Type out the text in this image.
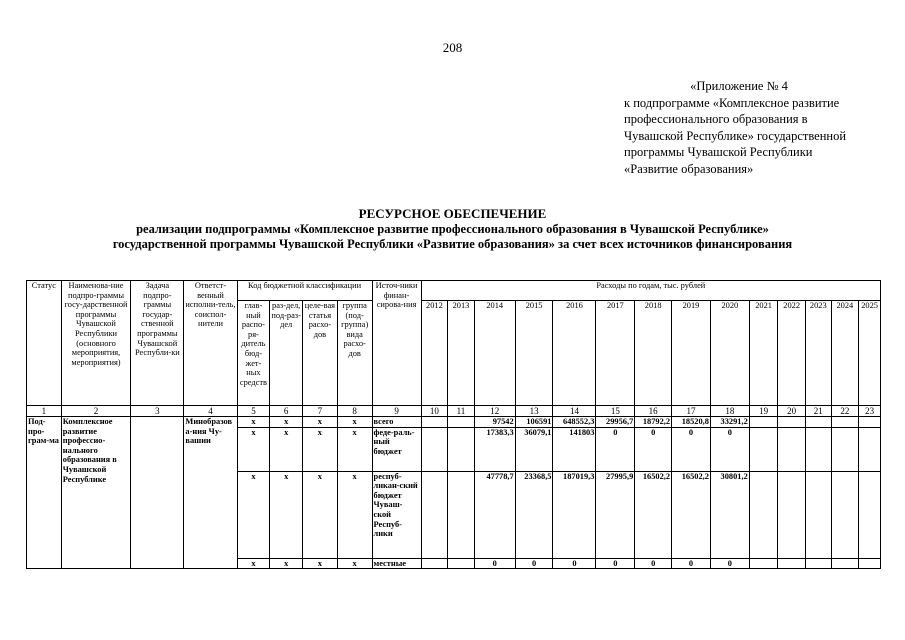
208
«Приложение № 4
к подпрограмме «Комплексное развитие профессионального образования в Чувашской Республике» государственной программы Чувашской Республики «Развитие образования»
РЕСУРСНОЕ ОБЕСПЕЧЕНИЕ
реализации подпрограммы «Комплексное развитие профессионального образования в Чувашской Республике»
государственной программы Чувашской Республики «Развитие образования» за счет всех источников финансирования
Статус	Наименова-ние подпро-граммы госу-дарственной программы Чувашской Республики (основного мероприятия, мероприятия)	Задача подпро-граммы государ-ственной программы Чувашской Республи-ки	Ответст-венный исполни-тель, соиспол-нители	Код бюджетной классификации				Источ-ники финан-сирова-ния	Расходы по годам, тыс. рублей													
				глав-ный распо-ря-дитель бюд-жет-ных средств	раз-дел, под-раз-дел	целе-вая статья расхо-дов	группа (под-группа) вида расхо-дов		2012	2013	2014	2015	2016	2017	2018	2019	2020	2021	2022	2023	2024	2025
1	2	3	4	5	6	7	8	9	10	11	12	13	14	15	16	17	18	19	20	21	22	23
Под-про-грам-ма	Комплексное развитие профессио-нального образования в Чувашской Республике		Минобразова-ния Чу-вашии	х	х	х	х	всего			97542	106591	648552,3	29956,7	18792,2	18520,8	33291,2					
				х	х	х	х	феде-раль-ный бюджет			17383,3	36079,1	141803	0	0	0	0					
				х	х	х	х	респуб-ликан-ский бюджет Чуваш-ской Респуб-лики			47778,7	23368,5	187019,3	27995,9	16502,2	16502,2	30801,2					
				х	х	х	х	местные			0	0	0	0	0	0	0					
